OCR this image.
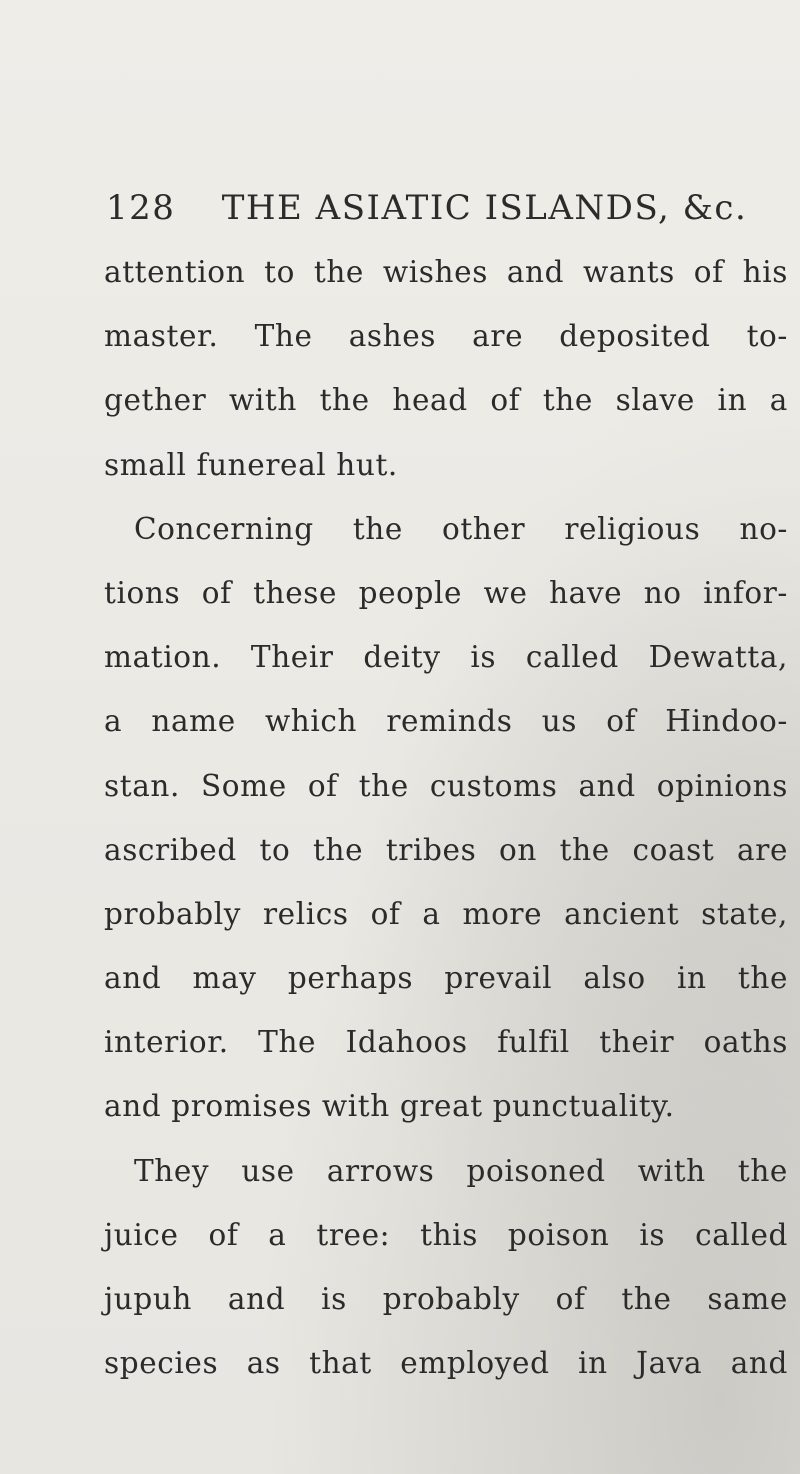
128 THE ASIATIC ISLANDS, &c.
attention to the wishes and wants of his
master. The ashes are deposited to-
gether with the head of the slave in a
small funereal hut.
Concerning the other religious no-
tions of these people we have no infor-
mation. Their deity is called Dewatta,
a name which reminds us of Hindoo-
stan. Some of the customs and opinions
ascribed to the tribes on the coast are
probably relics of a more ancient state,
and may perhaps prevail also in the
interior. The Idahoos fulfil their oaths
and promises with great punctuality.
They use arrows poisoned with the
juice of a tree: this poison is called
jupuh and is probably of the same
species as that employed in Java and
